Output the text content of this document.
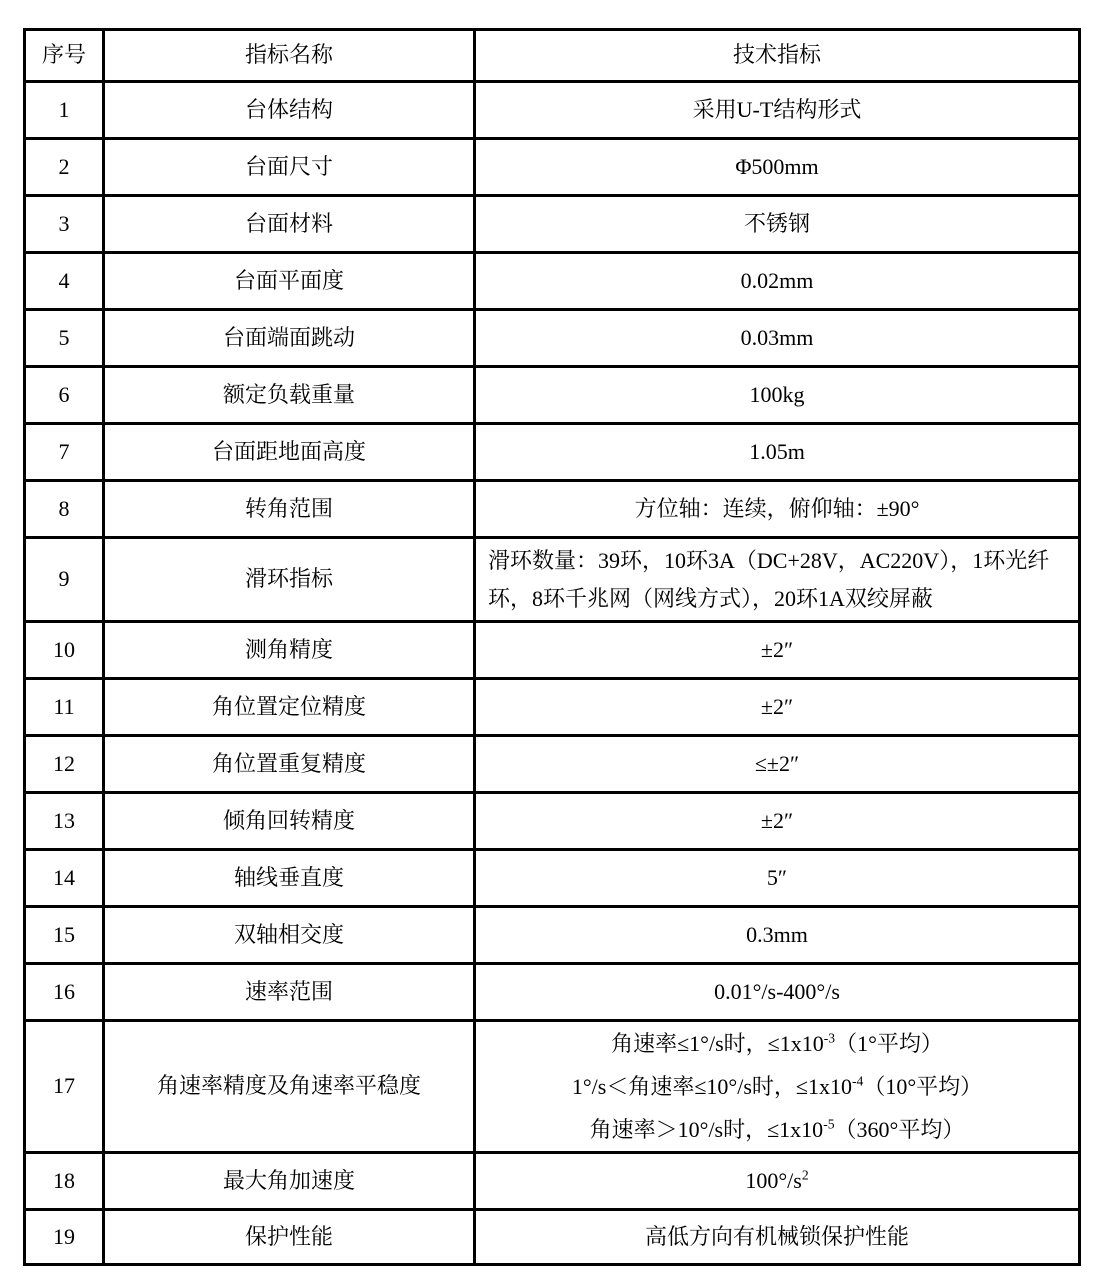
序号	指标名称	技术指标
1	台体结构	采用U-T结构形式
2	台面尺寸	Φ500mm
3	台面材料	不锈钢
4	台面平面度	0.02mm
5	台面端面跳动	0.03mm
6	额定负载重量	100kg
7	台面距地面高度	1.05m
8	转角范围	方位轴：连续，俯仰轴：±90°
9	滑环指标	滑环数量：39环，10环3A（DC+28V，AC220V），1环光纤环，8环千兆网（网线方式），20环1A双绞屏蔽
10	测角精度	±2″
11	角位置定位精度	±2″
12	角位置重复精度	≤±2″
13	倾角回转精度	±2″
14	轴线垂直度	5″
15	双轴相交度	0.3mm
16	速率范围	0.01°/s-400°/s
17	角速率精度及角速率平稳度	角速率≤1°/s时，$\le 1x10^{-3}(1^\circ$平均）
1°/s＜角速率≤10°/s时，$\le 1x10^{-4}(10^\circ$平均）
角速率＞10°/s时，$\le 1x10^{-5}(360^\circ$平均）

18	最大角加速度	$100^\circ/s^2$
19	保护性能	高低方向有机械锁保护性能
